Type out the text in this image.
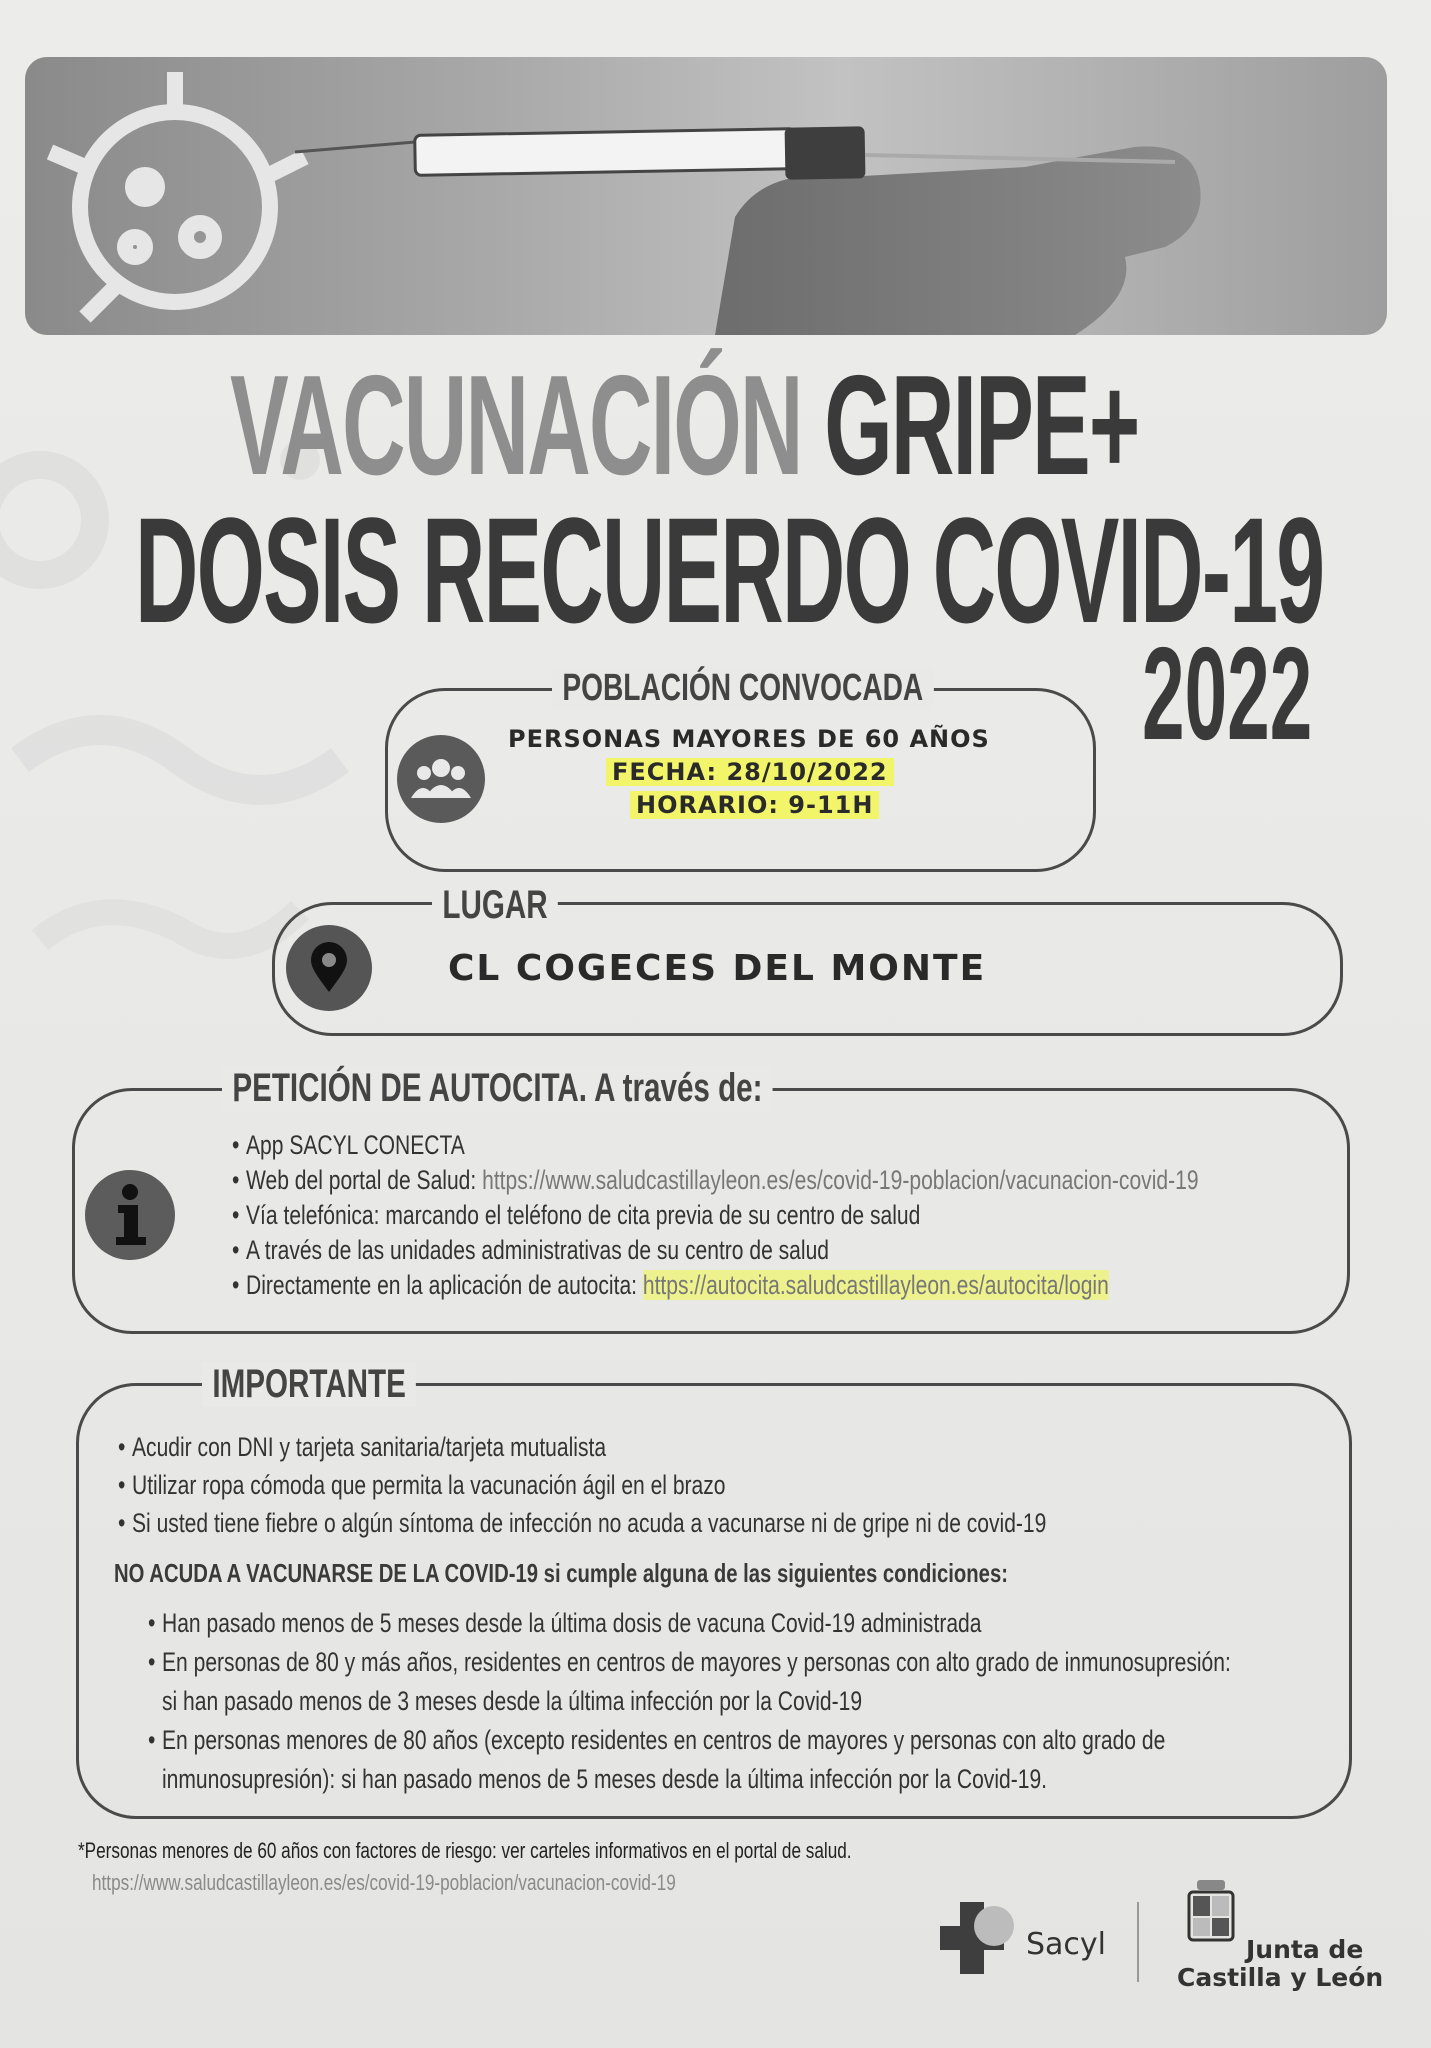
VACUNACIÓN GRIPE+
DOSIS RECUERDO COVID-19
2022
POBLACIÓN CONVOCADA
PERSONAS MAYORES DE 60 AÑOS
FECHA: 28/10/2022
HORARIO: 9-11H
LUGAR
CL COGECES DEL MONTE
PETICIÓN DE AUTOCITA. A través de:
• App SACYL CONECTA
• Web del portal de Salud: https://www.saludcastillayleon.es/es/covid-19-poblacion/vacunacion-covid-19
• Vía telefónica: marcando el teléfono de cita previa de su centro de salud
• A través de las unidades administrativas de su centro de salud
• Directamente en la aplicación de autocita: https://autocita.saludcastillayleon.es/autocita/login
IMPORTANTE
• Acudir con DNI y tarjeta sanitaria/tarjeta mutualista
• Utilizar ropa cómoda que permita la vacunación ágil en el brazo
• Si usted tiene fiebre o algún síntoma de infección no acuda a vacunarse ni de gripe ni de covid-19
NO ACUDA A VACUNARSE DE LA COVID-19 si cumple alguna de las siguientes condiciones:
• Han pasado menos de 5 meses desde la última dosis de vacuna Covid-19 administrada
• En personas de 80 y más años, residentes en centros de mayores y personas con alto grado de inmunosupresión:
si han pasado menos de 3 meses desde la última infección por la Covid-19
• En personas menores de 80 años (excepto residentes en centros de mayores y personas con alto grado de
inmunosupresión): si han pasado menos de 5 meses desde la última infección por la Covid-19.
*Personas menores de 60 años con factores de riesgo: ver carteles informativos en el portal de salud.
https://www.saludcastillayleon.es/es/covid-19-poblacion/vacunacion-covid-19
Sacyl	Junta de
Castilla y León
